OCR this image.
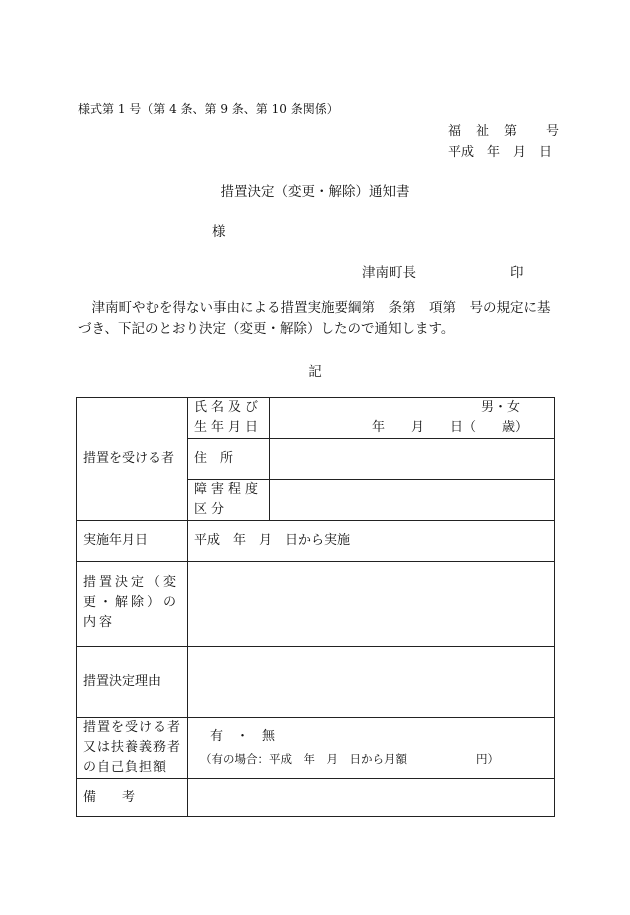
様式第 1 号（第 4 条、第 9 条、第 10 条関係）
福　祉　第　　号
平成　年　月　日
措置決定（変更・解除）通知書
様
津南町長	印
津南町やむを得ない事由による措置実施要綱第　条第　項第　号の規定に基づき、下記のとおり決定（変更・解除）したので通知します。
記
措置を受ける者	氏名及び生年月日	男・女
年　　月　　日（　　歳）

	住　所	
	障害程度区分	
実施年月日	平成　年　月　日から実施	
措置決定（変更・解除）の内容		
措置決定理由		
措置を受ける者又は扶養義務者の自己負担額	有　・　無
（有の場合：平成　年　月　日から月額　　　　　　円）	

備　　考		
